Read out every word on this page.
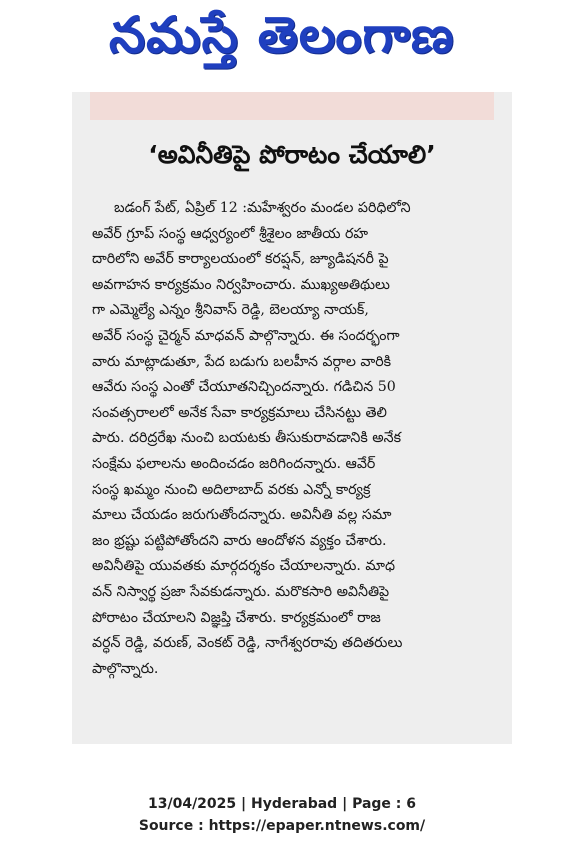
నమస్తే తెలంగాణ
‘అవినీతిపై పోరాటం చేయాలి’
బడంగ్ పేట్, ఏప్రిల్ 12 :మహేశ్వరం మండల పరిధిలోని
అవేర్ గ్రూప్ సంస్థ ఆధ్వర్యంలో శ్రీశైలం జాతీయ రహ
దారిలోని అవేర్ కార్యాలయంలో కరప్షన్, జ్యూడిషనరీ పై
అవగాహన కార్యక్రమం నిర్వహించారు. ముఖ్యఅతిథులు
గా ఎమ్మెల్యే ఎన్నం శ్రీనివాస్ రెడ్డి, బెలయ్యా నాయక్,
అవేర్ సంస్థ చైర్మన్ మాధవన్ పాల్గొన్నారు. ఈ సందర్భంగా
వారు మాట్లాడుతూ, పేద బడుగు బలహీన వర్గాల వారికి
ఆవేరు సంస్థ ఎంతో చేయూతనిచ్చిందన్నారు. గడిచిన 50
సంవత్సరాలలో అనేక సేవా కార్యక్రమాలు చేసినట్టు తెలి
పారు. దరిద్రరేఖ నుంచి బయటకు తీసుకురావడానికి అనేక
సంక్షేమ ఫలాలను అందించడం జరిగిందన్నారు. ఆవేర్
సంస్థ ఖమ్మం నుంచి అదిలాబాద్ వరకు ఎన్నో కార్యక్ర
మాలు చేయడం జరుగుతోందన్నారు. అవినీతి వల్ల సమా
జం భ్రష్టు పట్టిపోతోందని వారు ఆందోళన వ్యక్తం చేశారు.
అవినీతిపై యువతకు మార్గదర్శకం చేయాలన్నారు. మాధ
వన్ నిస్వార్థ ప్రజా సేవకుడన్నారు. మరొకసారి అవినీతిపై
పోరాటం చేయాలని విజ్ఞప్తి చేశారు. కార్యక్రమంలో రాజ
వర్ధన్ రెడ్డి, వరుణ్, వెంకట్ రెడ్డి, నాగేశ్వరరావు తదితరులు
పాల్గొన్నారు.
13/04/2025 | Hyderabad | Page : 6
Source : https://epaper.ntnews.com/
